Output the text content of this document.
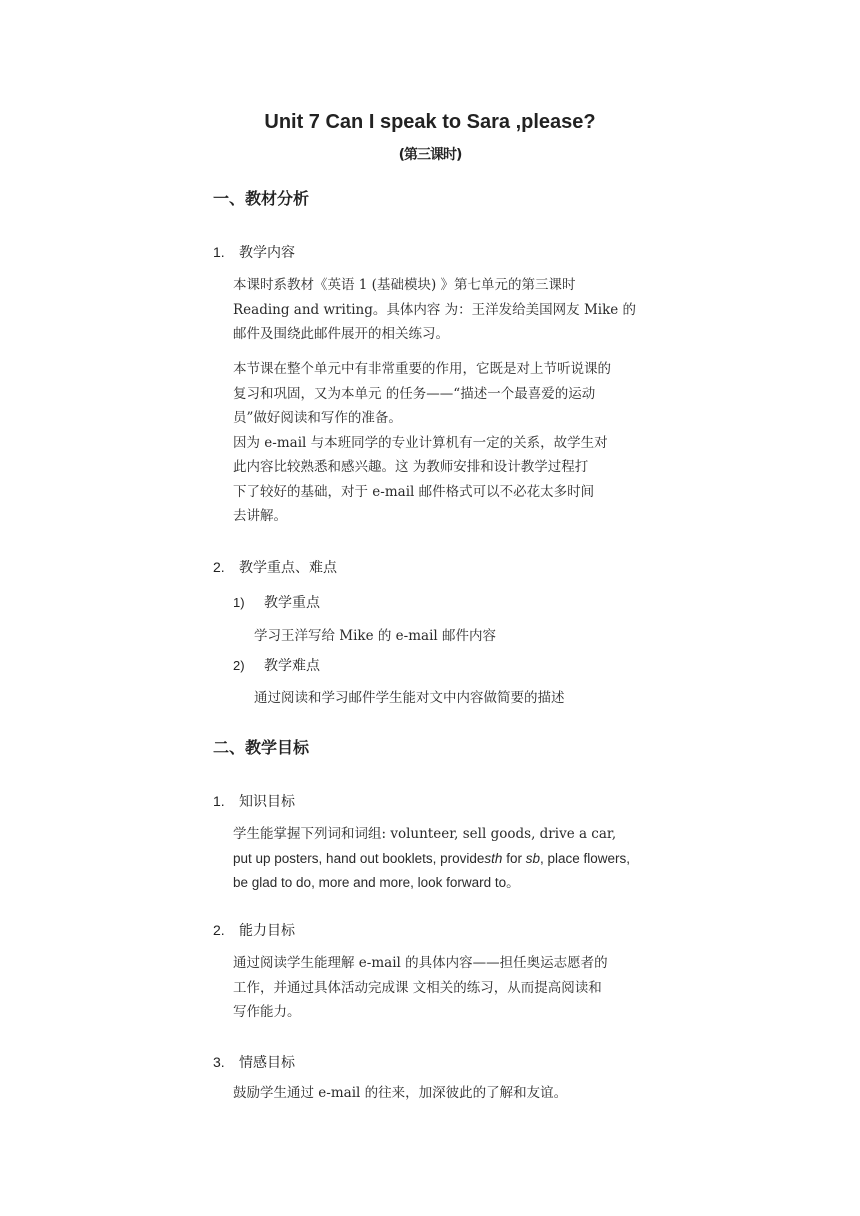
Unit 7 Can I speak to Sara ,please?
(第三课时)
一、教材分析
1. 教学内容
本课时系教材《英语 1 (基础模块) 》第七单元的第三课时
Reading and writing。具体内容 为：王洋发给美国网友 Mike 的
邮件及围绕此邮件展开的相关练习。
本节课在整个单元中有非常重要的作用，它既是对上节听说课的
复习和巩固，又为本单元 的任务——“描述一个最喜爱的运动
员”做好阅读和写作的准备。
因为 e-mail 与本班同学的专业计算机有一定的关系，故学生对
此内容比较熟悉和感兴趣。这 为教师安排和设计教学过程打
下了较好的基础，对于 e-mail 邮件格式可以不必花太多时间
去讲解。
2. 教学重点、难点
1) 教学重点
学习王洋写给 Mike 的 e-mail 邮件内容
2) 教学难点
通过阅读和学习邮件学生能对文中内容做简要的描述
二、教学目标
1. 知识目标
学生能掌握下列词和词组: volunteer, sell goods, drive a car,
put up posters, hand out booklets, providesth for sb, place flowers,
be glad to do, more and more, look forward to。
2. 能力目标
通过阅读学生能理解 e-mail 的具体内容——担任奥运志愿者的
工作，并通过具体活动完成课 文相关的练习，从而提高阅读和
写作能力。
3. 情感目标
鼓励学生通过 e-mail 的往来，加深彼此的了解和友谊。
